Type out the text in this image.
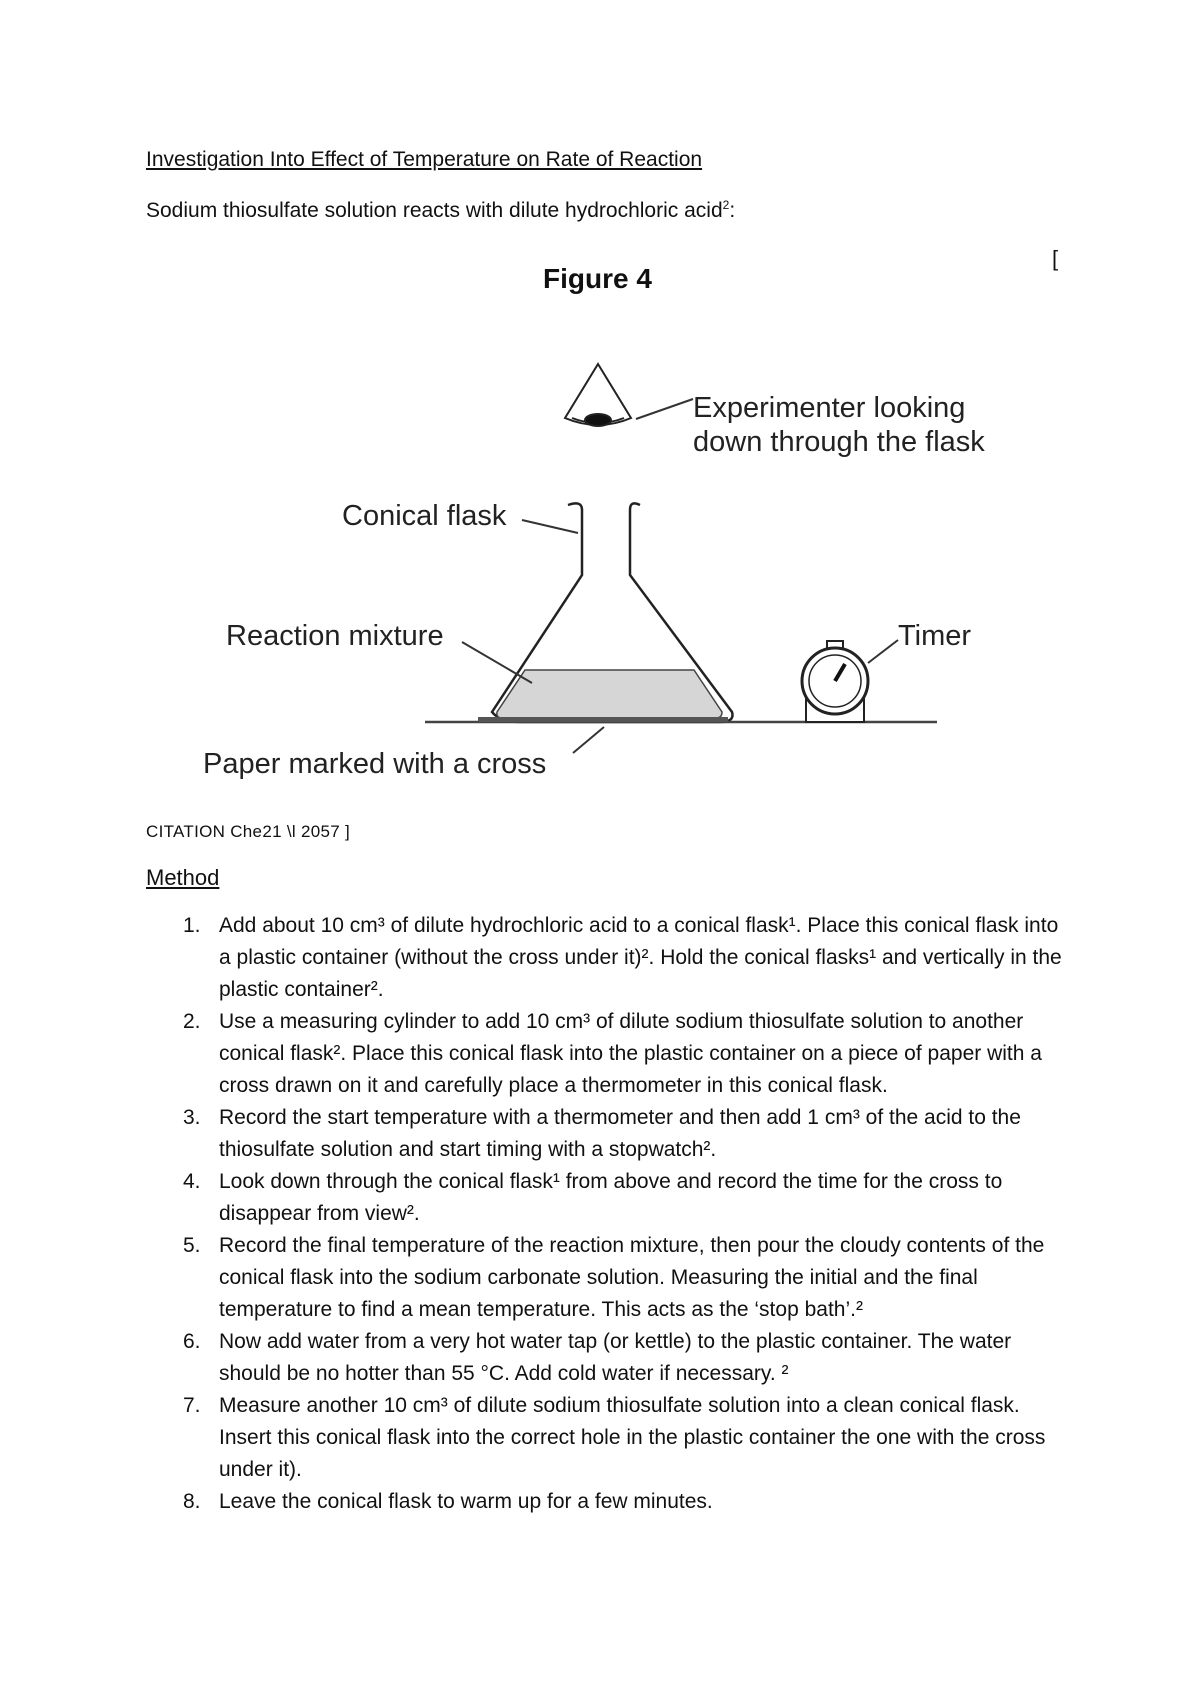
Investigation Into Effect of Temperature on Rate of Reaction
Sodium thiosulfate solution reacts with dilute hydrochloric acid$^2$:
[
Figure 4
Experimenter looking
down through the flask
Conical flask
Reaction mixture
Paper marked with a cross
Timer
CITATION Che21 \l 2057 ]
Method
1. Add about 10 cm³ of dilute hydrochloric acid to a conical flask¹. Place this conical flask into a plastic container (without the cross under it)². Hold the conical flasks¹ and vertically in the plastic container².
2. Use a measuring cylinder to add 10 cm³ of dilute sodium thiosulfate solution to another conical flask². Place this conical flask into the plastic container on a piece of paper with a cross drawn on it and carefully place a thermometer in this conical flask.
3. Record the start temperature with a thermometer and then add 1 cm³ of the acid to the thiosulfate solution and start timing with a stopwatch².
4. Look down through the conical flask¹ from above and record the time for the cross to disappear from view².
5. Record the final temperature of the reaction mixture, then pour the cloudy contents of the conical flask into the sodium carbonate solution. Measuring the initial and the final temperature to find a mean temperature. This acts as the ‘stop bath’.²
6. Now add water from a very hot water tap (or kettle) to the plastic container. The water should be no hotter than 55 °C. Add cold water if necessary. ²
7. Measure another 10 cm³ of dilute sodium thiosulfate solution into a clean conical flask. Insert this conical flask into the correct hole in the plastic container the one with the cross under it).
8. Leave the conical flask to warm up for a few minutes.
